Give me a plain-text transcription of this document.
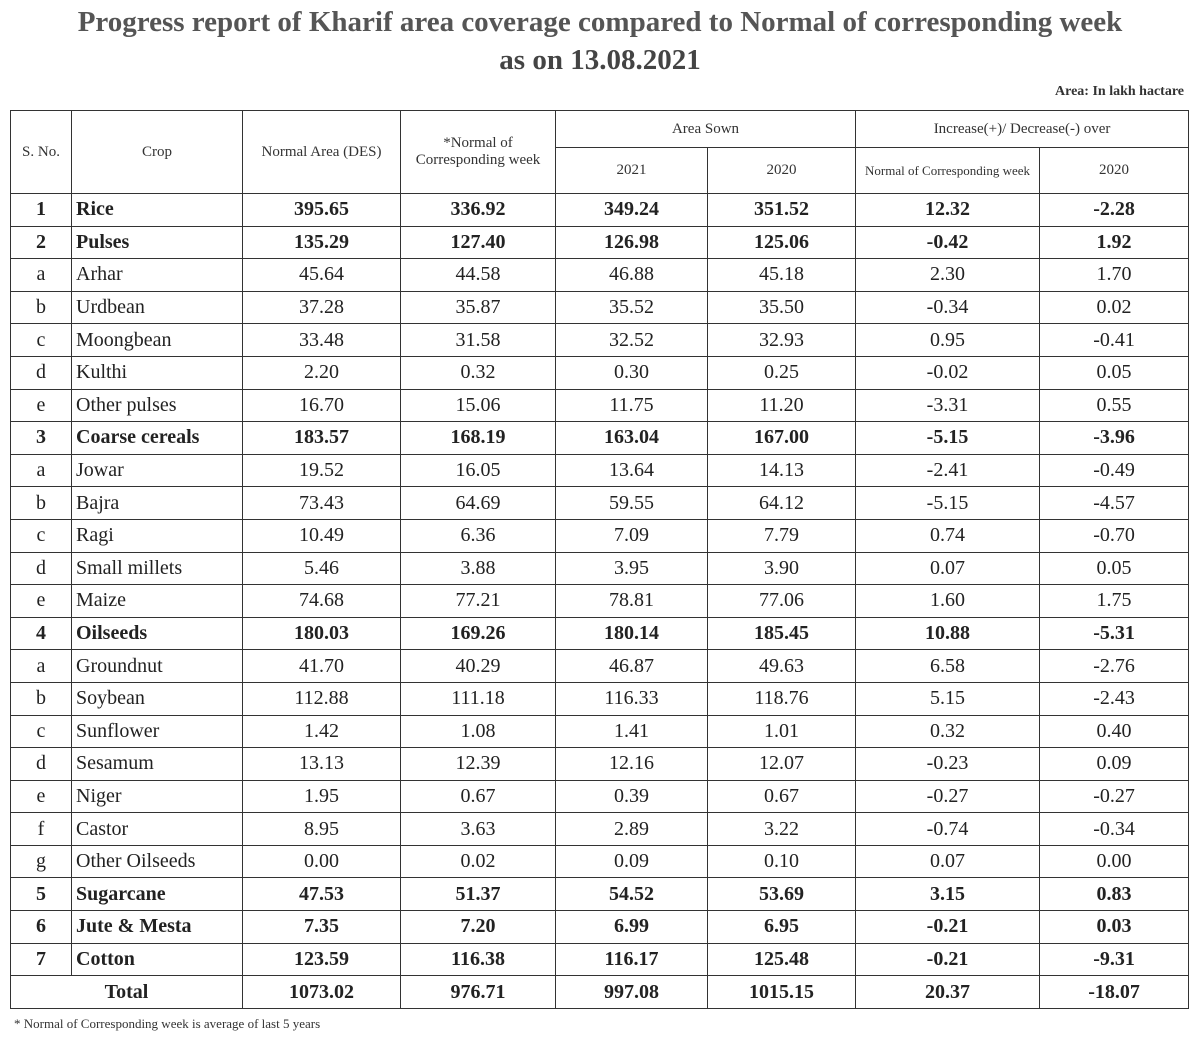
Progress report of Kharif area coverage compared to Normal of corresponding week
as on 13.08.2021
Area: In lakh hactare
S. No.	Crop	Normal Area (DES)	*Normal of Corresponding week	Area Sown		Increase(+)/ Decrease(-) over	
				2021	2020	Normal of Corresponding week	2020
1	Rice	395.65	336.92	349.24	351.52	12.32	-2.28
2	Pulses	135.29	127.40	126.98	125.06	-0.42	1.92
a	Arhar	45.64	44.58	46.88	45.18	2.30	1.70
b	Urdbean	37.28	35.87	35.52	35.50	-0.34	0.02
c	Moongbean	33.48	31.58	32.52	32.93	0.95	-0.41
d	Kulthi	2.20	0.32	0.30	0.25	-0.02	0.05
e	Other pulses	16.70	15.06	11.75	11.20	-3.31	0.55
3	Coarse cereals	183.57	168.19	163.04	167.00	-5.15	-3.96
a	Jowar	19.52	16.05	13.64	14.13	-2.41	-0.49
b	Bajra	73.43	64.69	59.55	64.12	-5.15	-4.57
c	Ragi	10.49	6.36	7.09	7.79	0.74	-0.70
d	Small millets	5.46	3.88	3.95	3.90	0.07	0.05
e	Maize	74.68	77.21	78.81	77.06	1.60	1.75
4	Oilseeds	180.03	169.26	180.14	185.45	10.88	-5.31
a	Groundnut	41.70	40.29	46.87	49.63	6.58	-2.76
b	Soybean	112.88	111.18	116.33	118.76	5.15	-2.43
c	Sunflower	1.42	1.08	1.41	1.01	0.32	0.40
d	Sesamum	13.13	12.39	12.16	12.07	-0.23	0.09
e	Niger	1.95	0.67	0.39	0.67	-0.27	-0.27
f	Castor	8.95	3.63	2.89	3.22	-0.74	-0.34
g	Other Oilseeds	0.00	0.02	0.09	0.10	0.07	0.00
5	Sugarcane	47.53	51.37	54.52	53.69	3.15	0.83
6	Jute & Mesta	7.35	7.20	6.99	6.95	-0.21	0.03
7	Cotton	123.59	116.38	116.17	125.48	-0.21	-9.31
Total		1073.02	976.71	997.08	1015.15	20.37	-18.07
* Normal of Corresponding week is average of last 5 years
